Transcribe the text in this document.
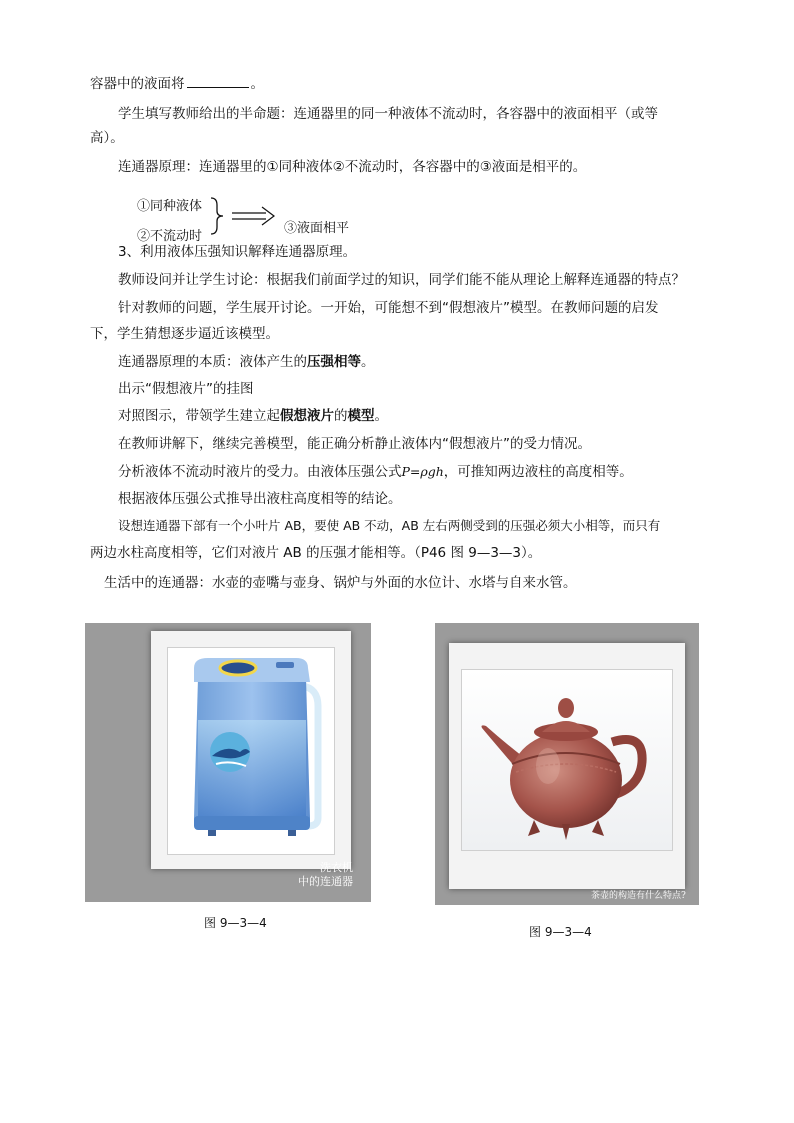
容器中的液面将	。
学生填写教师给出的半命题：连通器里的同一种液体不流动时，各容器中的液面相平（或等
高）。
连通器原理：连通器里的①同种液体②不流动时，各容器中的③液面是相平的。
①同种液体
②不流动时
③液面相平
3、利用液体压强知识解释连通器原理。
教师设问并让学生讨论：根据我们前面学过的知识，同学们能不能从理论上解释连通器的特点？
针对教师的问题，学生展开讨论。一开始，可能想不到“假想液片”模型。在教师问题的启发
下，学生猜想逐步逼近该模型。
连通器原理的本质：液体产生的压强相等。
出示“假想液片”的挂图
对照图示，带领学生建立起假想液片的模型。
在教师讲解下，继续完善模型，能正确分析静止液体内“假想液片”的受力情况。
分析液体不流动时液片的受力。由液体压强公式P=ρgh，可推知两边液柱的高度相等。
根据液体压强公式推导出液柱高度相等的结论。
设想连通器下部有一个小叶片 AB，要使 AB 不动，AB 左右两侧受到的压强必须大小相等，而只有
两边水柱高度相等，它们对液片 AB 的压强才能相等。（P46 图 9—3—3）。
生活中的连通器：水壶的壶嘴与壶身、锅炉与外面的水位计、水塔与自来水管。
洗衣机
中的连通器
图 9—3—4
茶壶的构造有什么特点?
图 9—3—4
